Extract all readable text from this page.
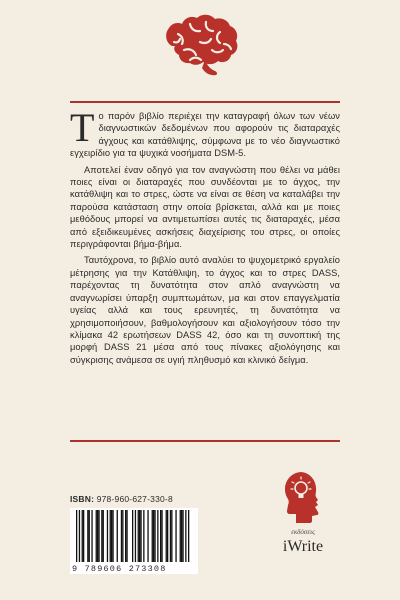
Το παρόν βιβλίο περιέχει την καταγραφή όλων των νέων διαγνωστικών δεδομένων που αφορούν τις διαταραχές άγχους και κατάθλιψης, σύμφωνα με το νέο διαγνωστικό εγχειρίδιο για τα ψυχικά νοσήματα DSM-5.

Αποτελεί έναν οδηγό για τον αναγνώστη που θέλει να μάθει ποιες είναι οι διαταραχές που συνδέονται με το άγχος, την κατάθλιψη και το στρες, ώστε να είναι σε θέση να καταλάβει την παρούσα κατάσταση στην οποία βρίσκεται, αλλά και με ποιες μεθόδους μπορεί να αντιμετωπίσει αυτές τις διαταραχές, μέσα από εξειδικευμένες ασκήσεις διαχείρισης του στρες, οι οποίες περιγράφονται βήμα-βήμα.

Ταυτόχρονα, το βιβλίο αυτό αναλύει το ψυχομετρικό εργαλείο μέτρησης για την Κατάθλιψη, το άγχος και το στρες DASS, παρέχοντας τη δυνατότητα στον απλό αναγνώστη να αναγνωρίσει ύπαρξη συμπτωμάτων, μα και στον επαγγελματία υγείας αλλά και τους ερευνητές, τη δυνατότητα να χρησιμοποιήσουν, βαθμολογήσουν και αξιολογήσουν τόσο την κλίμακα 42 ερωτήσεων DASS 42, όσο και τη συνοπτική της μορφή DASS 21 μέσα από τους πίνακες αξιολόγησης και σύγκρισης ανάμεσα σε υγιή πληθυσμό και κλινικό δείγμα.

ISBN: 978-960-627-330-8
9 789606 273308
εκδόσεις
iWrite
